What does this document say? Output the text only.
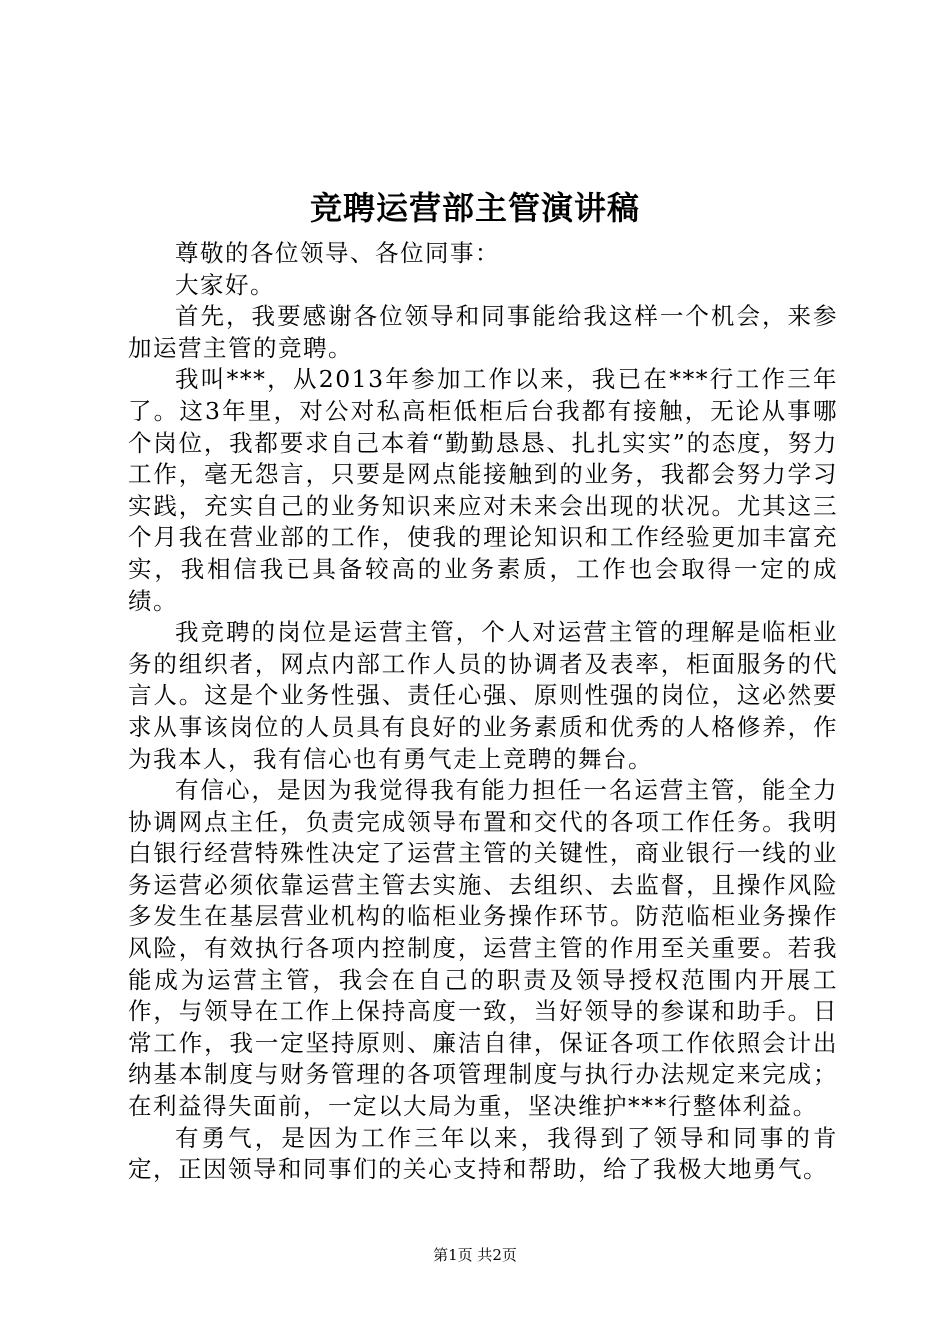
竞聘运营部主管演讲稿

尊敬的各位领导、各位同事：

大家好。

首先，我要感谢各位领导和同事能给我这样一个机会，来参加运营主管的竞聘。

我叫***，从2013年参加工作以来，我已在***行工作三年了。这3年里，对公对私高柜低柜后台我都有接触，无论从事哪个岗位，我都要求自己本着“勤勤恳恳、扎扎实实”的态度，努力工作，毫无怨言，只要是网点能接触到的业务，我都会努力学习实践，充实自己的业务知识来应对未来会出现的状况。尤其这三个月我在营业部的工作，使我的理论知识和工作经验更加丰富充实，我相信我已具备较高的业务素质，工作也会取得一定的成绩。

我竞聘的岗位是运营主管，个人对运营主管的理解是临柜业务的组织者，网点内部工作人员的协调者及表率，柜面服务的代言人。这是个业务性强、责任心强、原则性强的岗位，这必然要求从事该岗位的人员具有良好的业务素质和优秀的人格修养，作为我本人，我有信心也有勇气走上竞聘的舞台。

有信心，是因为我觉得我有能力担任一名运营主管，能全力协调网点主任，负责完成领导布置和交代的各项工作任务。我明白银行经营特殊性决定了运营主管的关键性，商业银行一线的业务运营必须依靠运营主管去实施、去组织、去监督，且操作风险多发生在基层营业机构的临柜业务操作环节。防范临柜业务操作风险，有效执行各项内控制度，运营主管的作用至关重要。若我能成为运营主管，我会在自己的职责及领导授权范围内开展工作，与领导在工作上保持高度一致，当好领导的参谋和助手。日常工作，我一定坚持原则、廉洁自律，保证各项工作依照会计出纳基本制度与财务管理的各项管理制度与执行办法规定来完成；在利益得失面前，一定以大局为重，坚决维护***行整体利益。

有勇气，是因为工作三年以来，我得到了领导和同事的肯定，正因领导和同事们的关心支持和帮助，给了我极大地勇气。

第1页 共2页
